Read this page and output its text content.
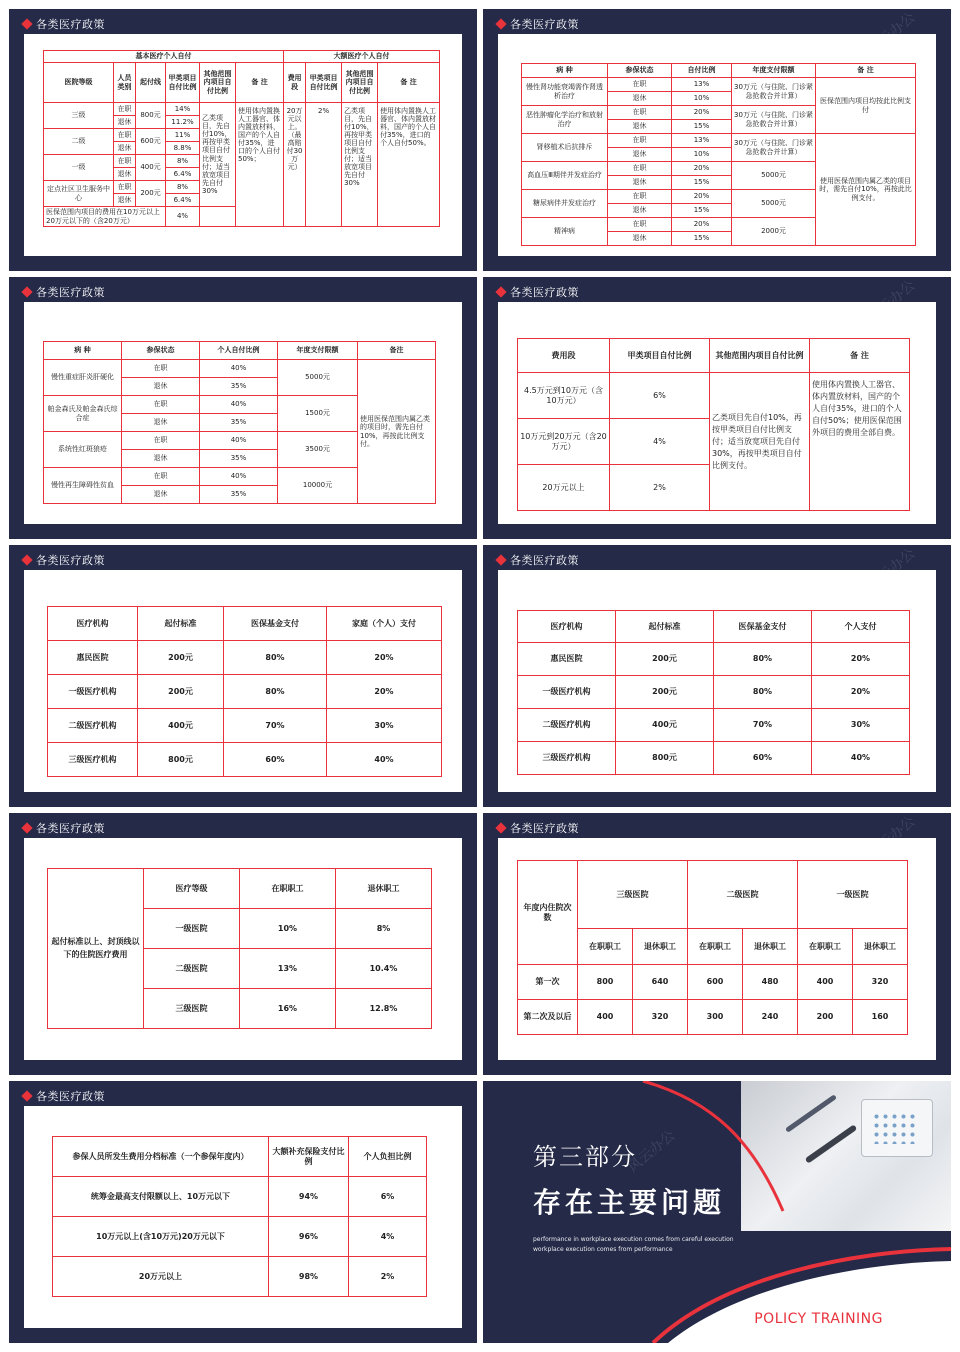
各类医疗政策
基本医疗个人自付						大额医疗个人自付			
医院等级	人员类别	起付线	甲类项目自付比例	其他范围内项目自付比例	备 注	费用段	甲类项目自付比例	其他范围内项目自付比例	备 注
三级	在职	800元	14%	乙类项目，先自付10%，再按甲类项目自付比例支付；适当放宽项目先自付30%	使用体内置换人工器官、体内置放材料，国产的个人自付35%，进口的个人自付50%；	20万元以上。（最高赔付30万元）	2%	乙类项目，先自付10%，再按甲类项目自付比例支付；适当放宽项目先自付30%	使用体内置换人工器官、体内置放材料，国产的个人自付35%，进口的个人自付50%。
	退休		11.2%						
二级	在职	600元	11%						
	退休		8.8%						
一级	在职	400元	8%						
	退休		6.4%						
定点社区卫生服务中心	在职	200元	8%						
	退休		6.4%						
医保范围内项目的费用在10万元以上20万元以下的（含20万元）			4%						
各类医疗政策
病 种	参保状态	自付比例	年度支付限额	备 注
慢性肾功能衰竭需作肾透析治疗	在职	13%	30万元（与住院、门诊紧急抢救合并计算）	医保范围内项目均按此比例支付
	退休	10%		
恶性肿瘤化学治疗和放射治疗	在职	20%	30万元（与住院、门诊紧急抢救合并计算）	
	退休	15%		
肾移植术后抗排斥	在职	13%	30万元（与住院、门诊紧急抢救合并计算）	使用医保范围内属乙类的项目时，需先自付10%，再按此比例支付。
	退休	10%		
高血压Ⅲ期伴并发症治疗	在职	20%	5000元	
	退休	15%		
糖尿病伴并发症治疗	在职	20%	5000元	
	退休	15%		
精神病	在职	20%	2000元	
	退休	15%		
各类医疗政策
病 种	参保状态	个人自付比例	年度支付限额	备注
慢性重症肝炎肝硬化	在职	40%	5000元	使用医保范围内属乙类的项目时，需先自付10%，再按此比例支付。
	退休	35%		
帕金森氏及帕金森氏综合症	在职	40%	1500元	
	退休	35%		
系统性红斑狼疮	在职	40%	3500元	
	退休	35%		
慢性再生障碍性贫血	在职	40%	10000元	
	退休	35%		
各类医疗政策
费用段	甲类项目自付比例	其他范围内项目自付比例	备 注
4.5万元到10万元（含10万元）	6%	乙类项目先自付10%，再按甲类项目自付比例支付；适当放宽项目先自付30%，再按甲类项目自付比例支付。	使用体内置换人工器官、体内置放材料，国产的个人自付35%，进口的个人自付50%；使用医保范围外项目的费用全部自费。
10万元到20万元（含20万元）	4%		
20万元以上	2%		
各类医疗政策
医疗机构	起付标准	医保基金支付	家庭（个人）支付
惠民医院	200元	80%	20%
一级医疗机构	200元	80%	20%
二级医疗机构	400元	70%	30%
三级医疗机构	800元	60%	40%
各类医疗政策
医疗机构	起付标准	医保基金支付	个人支付
惠民医院	200元	80%	20%
一级医疗机构	200元	80%	20%
二级医疗机构	400元	70%	30%
三级医疗机构	800元	60%	40%
各类医疗政策
起付标准以上、封顶线以下的住院医疗费用	医疗等级	在职职工	退休职工
	一级医院	10%	8%
	二级医院	13%	10.4%
	三级医院	16%	12.8%
各类医疗政策
年度内住院次数	三级医院		二级医院		一级医院	
	在职职工	退休职工	在职职工	退休职工	在职职工	退休职工
第一次	800	640	600	480	400	320
第二次及以后	400	320	300	240	200	160
各类医疗政策
参保人员所发生费用分档标准（一个参保年度内）	大额补充保险支付比例	个人负担比例
统筹金最高支付限额以上、10万元以下	94%	6%
10万元以上(含10万元)20万元以下	96%	4%
20万元以上	98%	2%
风云办公
第三部分
存在主要问题
performance in workplace execution comes from careful execution
workplace execution comes from performance
POLICY TRAINING
